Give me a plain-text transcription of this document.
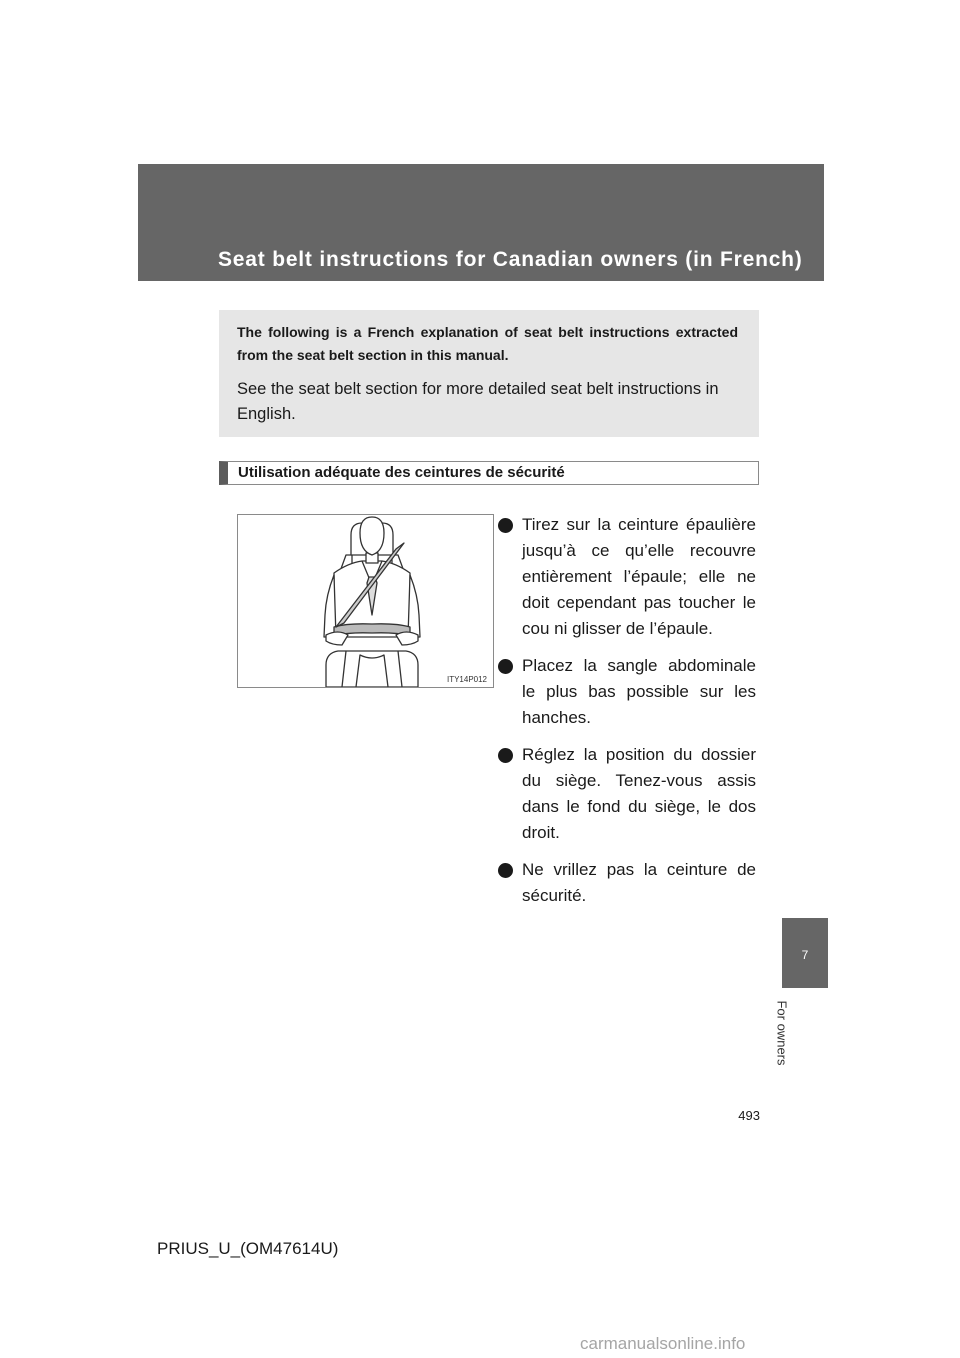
Seat belt instructions for Canadian owners (in French)

The following is a French explanation of seat belt instructions extracted from the seat belt section in this manual.

See the seat belt section for more detailed seat belt instructions in English.

Utilisation adéquate des ceintures de sécurité
ITY14P012
Tirez sur la ceinture épaulière jusqu’à ce qu’elle recouvre entièrement l’épaule; elle ne doit cependant pas toucher le cou ni glisser de l’épaule.
Placez la sangle abdominale le plus bas possible sur les hanches.
Réglez la position du dossier du siège. Tenez-vous assis dans le fond du siège, le dos droit.
Ne vrillez pas la ceinture de sécurité.
7
For owners
493
PRIUS_U_(OM47614U)
carmanualsonline.info
